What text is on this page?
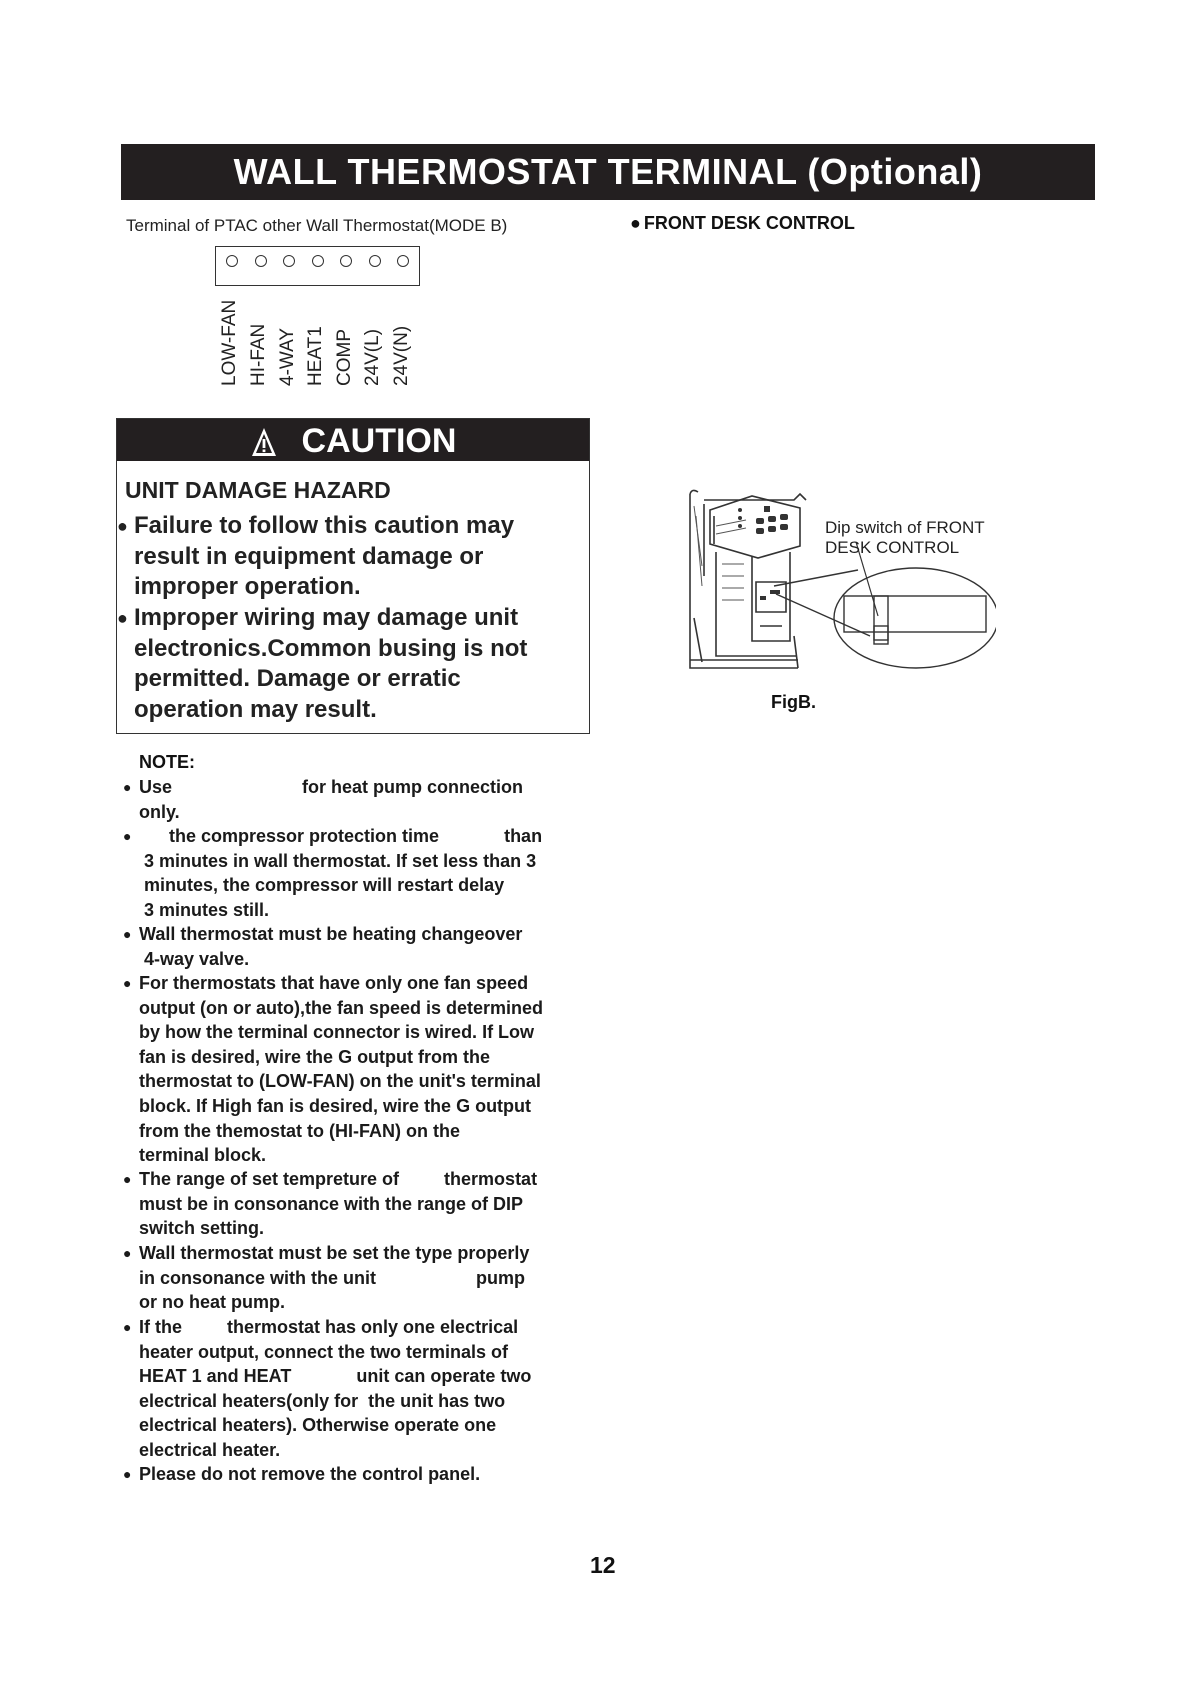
WALL THERMOSTAT TERMINAL (Optional)
Terminal of PTAC other Wall Thermostat(MODE B)	● FRONT DESK CONTROL
LOW-FAN HI-FAN 4-WAY HEAT1 COMP 24V(L) 24V(N)
CAUTION
UNIT DAMAGE HAZARD
● Failure to follow this caution may
result in equipment damage or
improper operation.
● Improper wiring may damage unit
electronics.Common busing is not
permitted. Damage or erratic
operation may result.
NOTE:
● Use                          for heat pump connection
only.
● the compressor protection time             than
3 minutes in wall thermostat. If set less than 3
minutes, the compressor will restart delay
3 minutes still.
● Wall thermostat must be heating changeover
4-way valve.
● For thermostats that have only one fan speed
output (on or auto),the fan speed is determined
by how the terminal connector is wired. If Low
fan is desired, wire the G output from the
thermostat to (LOW-FAN) on the unit's terminal
block. If High fan is desired, wire the G output
from the themostat to (HI-FAN) on the
terminal block.
● The range of set tempreture of         thermostat
must be in consonance with the range of DIP
switch setting.
● Wall thermostat must be set the type properly
in consonance with the unit                    pump
or no heat pump.
● If the         thermostat has only one electrical
heater output, connect the two terminals of
HEAT 1 and HEAT             unit can operate two
electrical heaters(only for  the unit has two
electrical heaters). Otherwise operate one
electrical heater.
● Please do not remove the control panel.
Dip switch of FRONT
DESK CONTROL
FigB.
12
